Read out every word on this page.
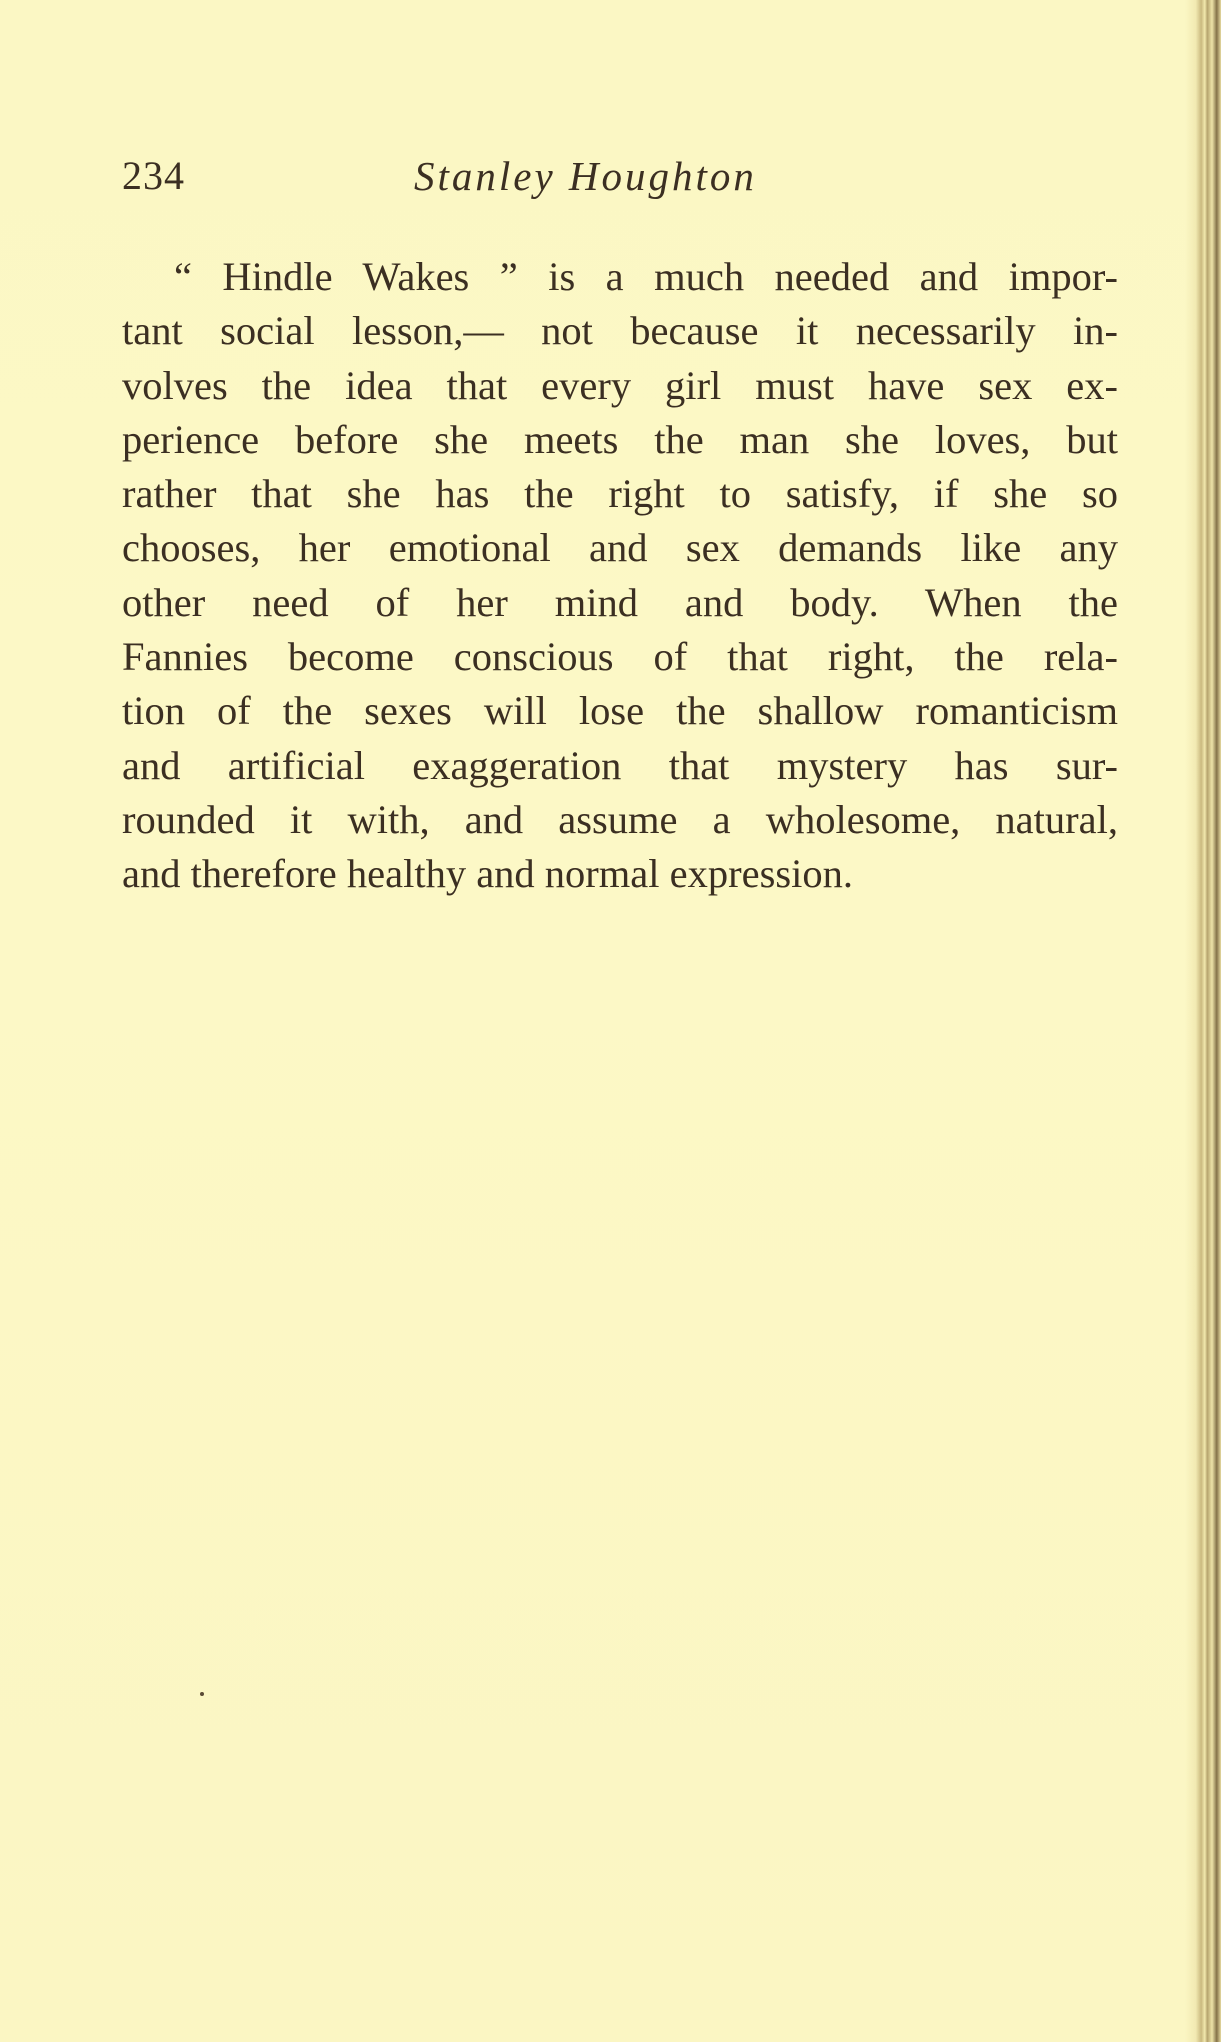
234	Stanley Houghton
“ Hindle Wakes ” is a much needed and impor-
tant social lesson,— not because it necessarily in-
volves the idea that every girl must have sex ex-
perience before she meets the man she loves, but
rather that she has the right to satisfy, if she so
chooses, her emotional and sex demands like any
other need of her mind and body. When the
Fannies become conscious of that right, the rela-
tion of the sexes will lose the shallow romanticism
and artificial exaggeration that mystery has sur-
rounded it with, and assume a wholesome, natural,
and therefore healthy and normal expression.
